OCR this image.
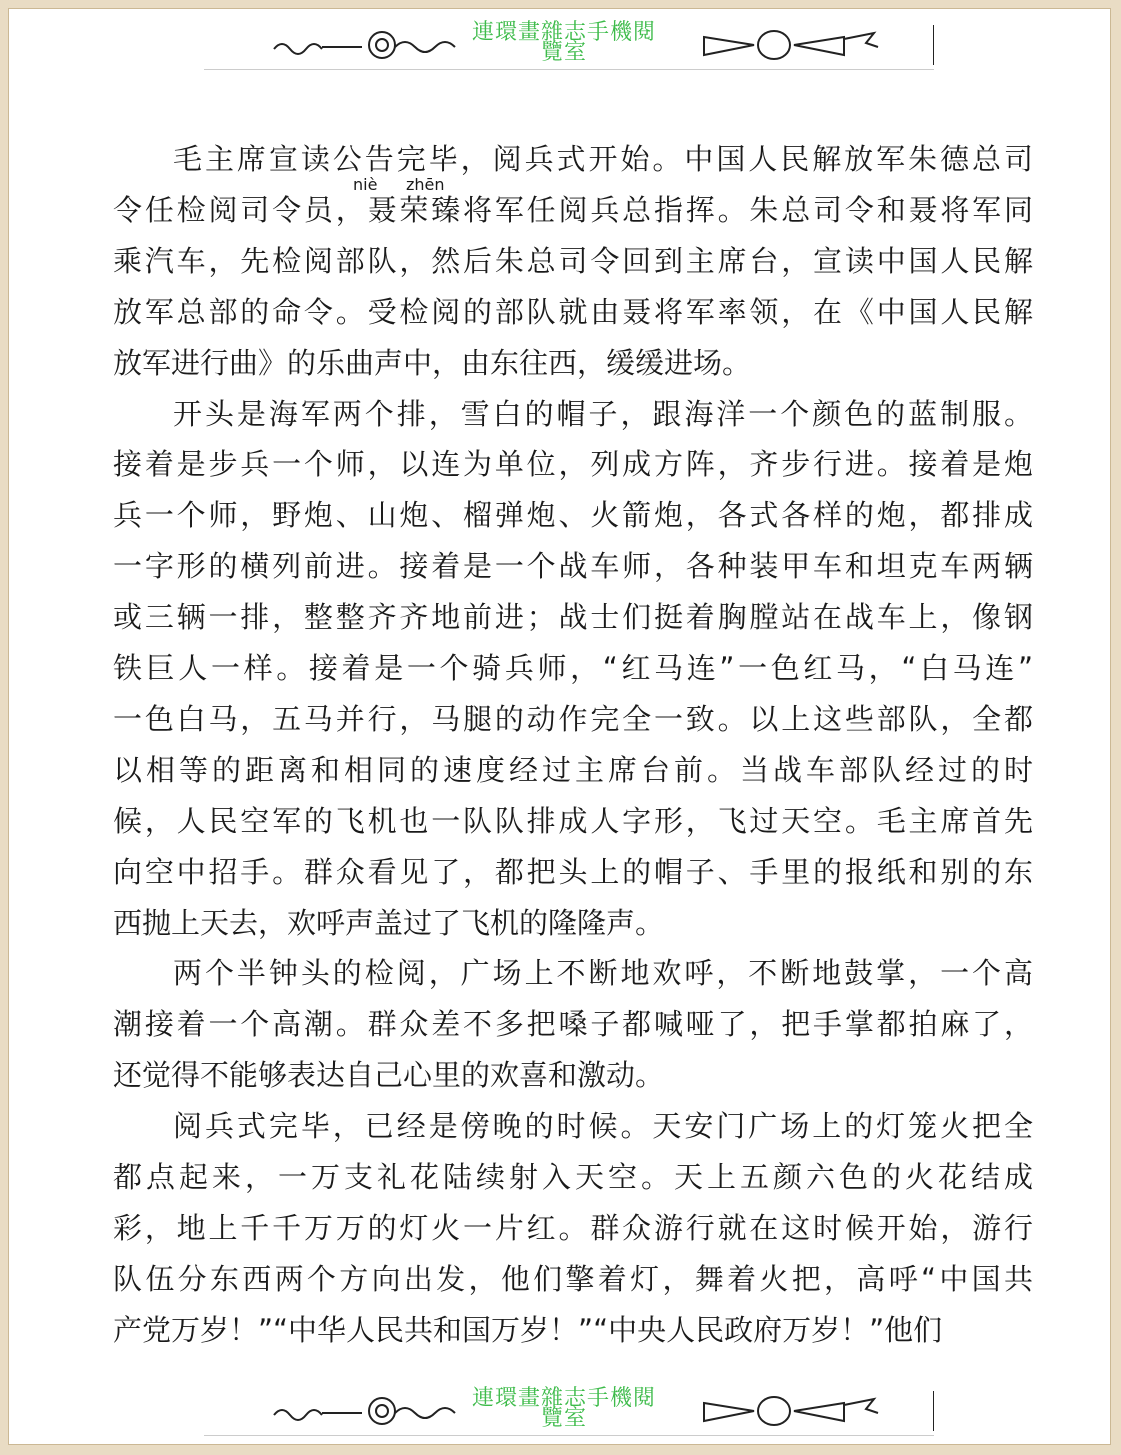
連環畫雜志手機閱
覽室
毛主席宣读公告完毕，阅兵式开始。中国人民解放军朱德总司
令任检阅司令员，聂荣臻将军任阅兵总指挥。朱总司令和聂将军同
乘汽车，先检阅部队，然后朱总司令回到主席台，宣读中国人民解
放军总部的命令。受检阅的部队就由聂将军率领，在《中国人民解
放军进行曲》的乐曲声中，由东往西，缓缓进场。
开头是海军两个排，雪白的帽子，跟海洋一个颜色的蓝制服。
接着是步兵一个师，以连为单位，列成方阵，齐步行进。接着是炮
兵一个师，野炮、山炮、榴弹炮、火箭炮，各式各样的炮，都排成
一字形的横列前进。接着是一个战车师，各种装甲车和坦克车两辆
或三辆一排，整整齐齐地前进；战士们挺着胸膛站在战车上，像钢
铁巨人一样。接着是一个骑兵师，“红马连”一色红马，“白马连”
一色白马，五马并行，马腿的动作完全一致。以上这些部队，全都
以相等的距离和相同的速度经过主席台前。当战车部队经过的时
候，人民空军的飞机也一队队排成人字形，飞过天空。毛主席首先
向空中招手。群众看见了，都把头上的帽子、手里的报纸和别的东
西抛上天去，欢呼声盖过了飞机的隆隆声。
两个半钟头的检阅，广场上不断地欢呼，不断地鼓掌，一个高
潮接着一个高潮。群众差不多把嗓子都喊哑了，把手掌都拍麻了，
还觉得不能够表达自己心里的欢喜和激动。
阅兵式完毕，已经是傍晚的时候。天安门广场上的灯笼火把全
都点起来，一万支礼花陆续射入天空。天上五颜六色的火花结成
彩，地上千千万万的灯火一片红。群众游行就在这时候开始，游行
队伍分东西两个方向出发，他们擎着灯，舞着火把，高呼“中国共
产党万岁！”“中华人民共和国万岁！”“中央人民政府万岁！”他们
niè zhēn
連環畫雜志手機閱
覽室
